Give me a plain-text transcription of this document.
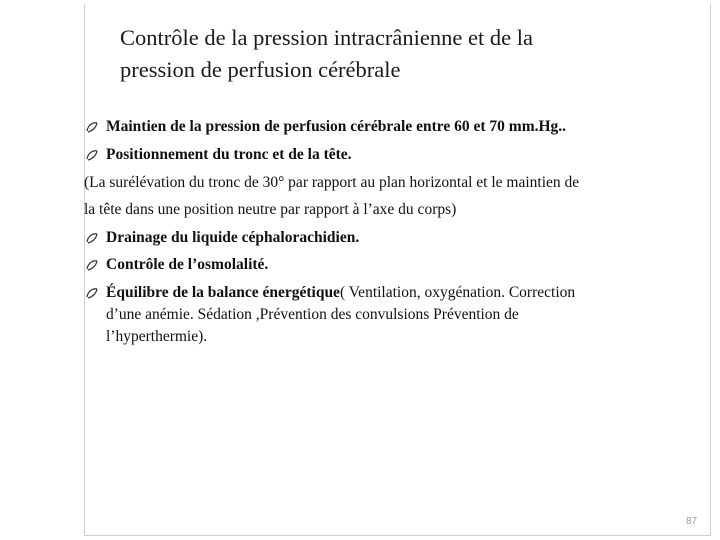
Contrôle de la pression intracrânienne et de la
pression de perfusion cérébrale
Maintien de la pression de perfusion cérébrale entre 60 et 70 mm.Hg..
Positionnement du tronc et de la tête.
(La surélévation du tronc de 30° par rapport au plan horizontal et le maintien de
la tête dans une position neutre par rapport à l’axe du corps)
Drainage du liquide céphalorachidien.
Contrôle de l’osmolalité.
Équilibre de la balance énergétique( Ventilation, oxygénation. Correction
d’une anémie. Sédation ,Prévention des convulsions Prévention de
l’hyperthermie).
87
